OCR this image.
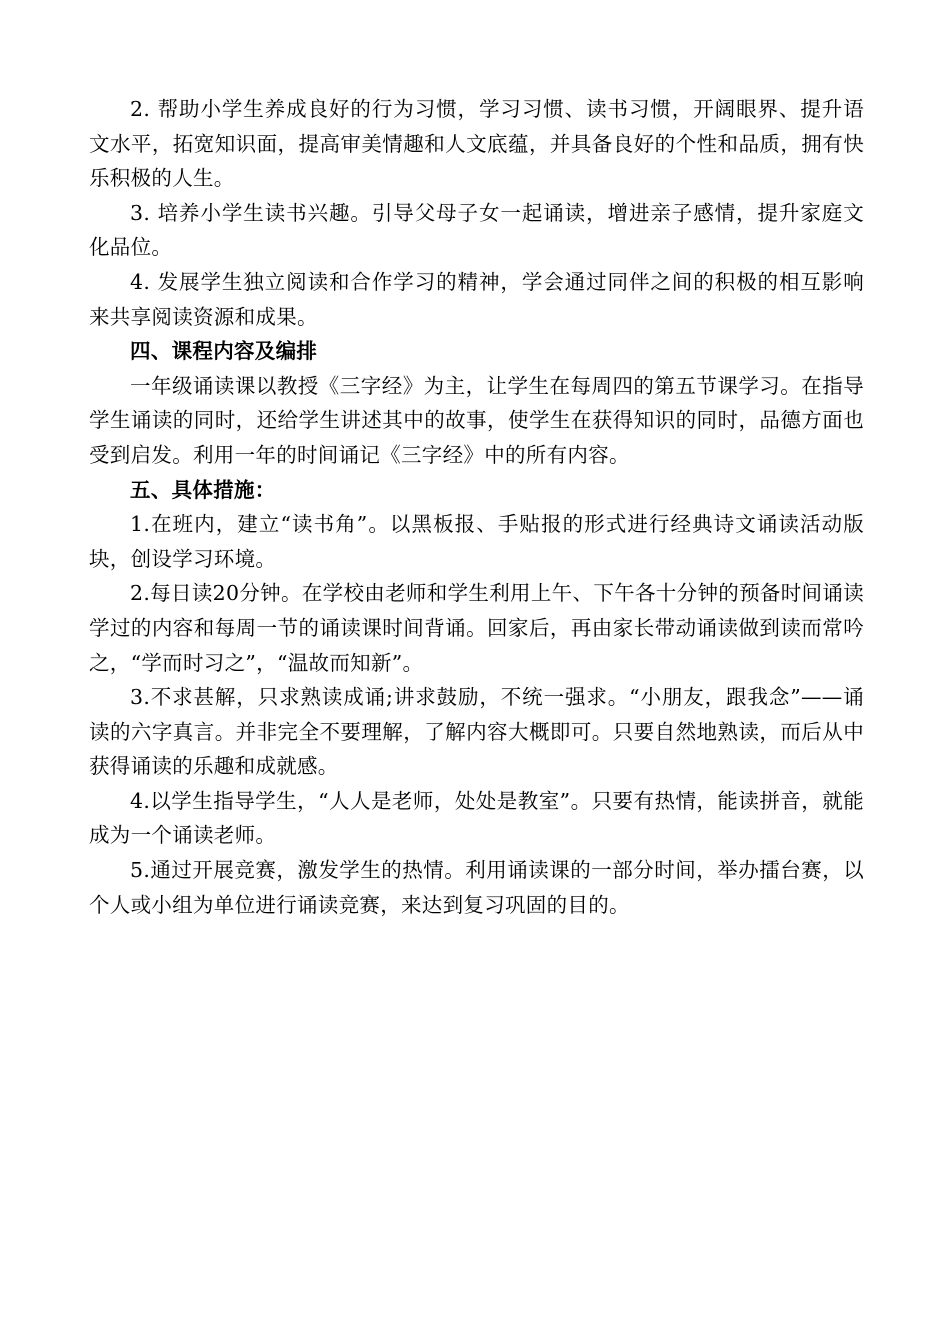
2. 帮助小学生养成良好的行为习惯，学习习惯、读书习惯，开阔眼界、提升语文水平，拓宽知识面，提高审美情趣和人文底蕴，并具备良好的个性和品质，拥有快乐积极的人生。

3. 培养小学生读书兴趣。引导父母子女一起诵读，增进亲子感情，提升家庭文化品位。

4. 发展学生独立阅读和合作学习的精神，学会通过同伴之间的积极的相互影响来共享阅读资源和成果。

四、课程内容及编排

一年级诵读课以教授《三字经》为主，让学生在每周四的第五节课学习。在指导学生诵读的同时，还给学生讲述其中的故事，使学生在获得知识的同时，品德方面也受到启发。利用一年的时间诵记《三字经》中的所有内容。

五、具体措施：

1.在班内，建立“读书角”。以黑板报、手贴报的形式进行经典诗文诵读活动版块，创设学习环境。

2.每日读20分钟。在学校由老师和学生利用上午、下午各十分钟的预备时间诵读学过的内容和每周一节的诵读课时间背诵。回家后，再由家长带动诵读做到读而常吟之，“学而时习之”，“温故而知新”。

3.不求甚解，只求熟读成诵;讲求鼓励，不统一强求。“小朋友，跟我念”——诵读的六字真言。并非完全不要理解，了解内容大概即可。只要自然地熟读，而后从中获得诵读的乐趣和成就感。

4.以学生指导学生，“人人是老师，处处是教室”。只要有热情，能读拼音，就能成为一个诵读老师。

5.通过开展竞赛，激发学生的热情。利用诵读课的一部分时间，举办擂台赛，以个人或小组为单位进行诵读竞赛，来达到复习巩固的目的。
